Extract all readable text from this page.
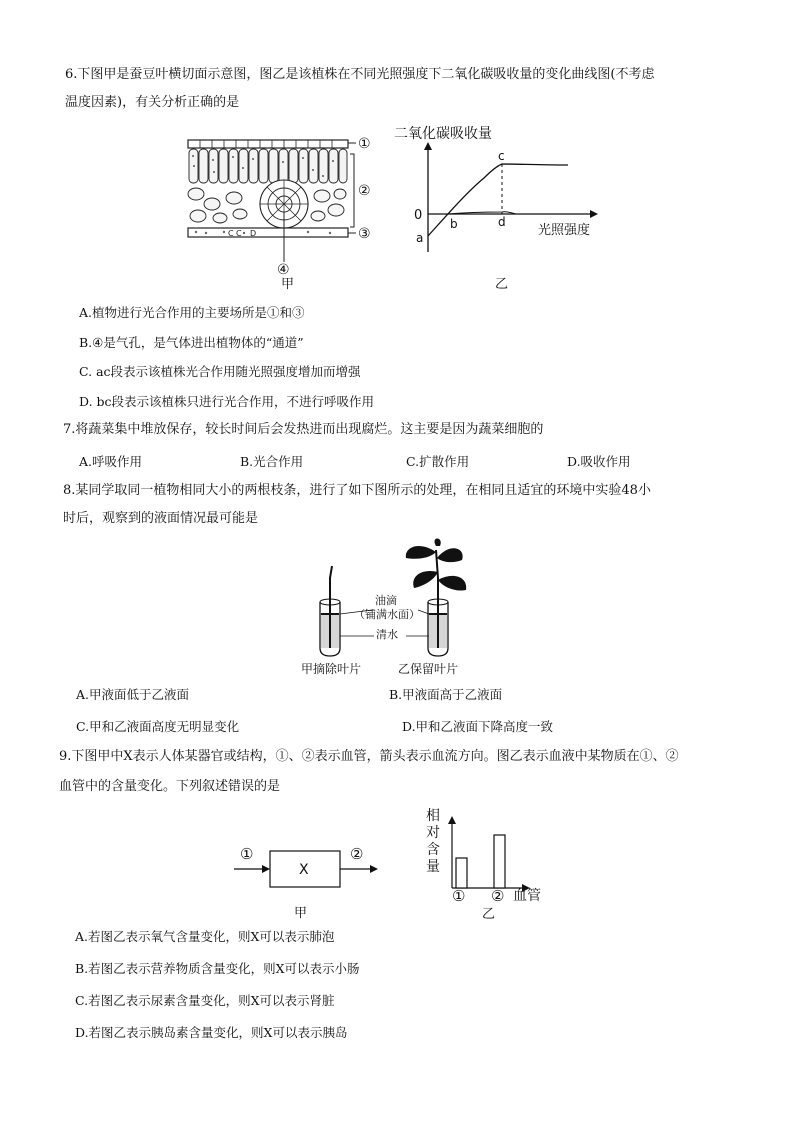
6.下图甲是蚕豆叶横切面示意图，图乙是该植株在不同光照强度下二氧化碳吸收量的变化曲线图(不考虑
温度因素)，有关分析正确的是
C C D
①
②
③
④
甲
二氧化碳吸收量
0
a
b
c
d
光照强度
乙
A.植物进行光合作用的主要场所是①和③
B.④是气孔，是气体进出植物体的“通道”
C. ac段表示该植株光合作用随光照强度增加而增强
D. bc段表示该植株只进行光合作用，不进行呼吸作用
7.将蔬菜集中堆放保存，较长时间后会发热进而出现腐烂。这主要是因为蔬菜细胞的
A.呼吸作用	B.光合作用	C.扩散作用	D.吸收作用
8.某同学取同一植物相同大小的两根枝条，进行了如下图所示的处理，在相同且适宜的环境中实验48小
时后，观察到的液面情况最可能是
油滴
（铺满水面）
清水
甲摘除叶片	乙保留叶片
A.甲液面低于乙液面	B.甲液面高于乙液面
C.甲和乙液面高度无明显变化	D.甲和乙液面下降高度一致
9.下图甲中X表示人体某器官或结构，①、②表示血管，箭头表示血流方向。图乙表示血液中某物质在①、②
血管中的含量变化。下列叙述错误的是
X
①	②
甲
相
对
含
量
① ② 血管
乙
A.若图乙表示氧气含量变化，则X可以表示肺泡
B.若图乙表示营养物质含量变化，则X可以表示小肠
C.若图乙表示尿素含量变化，则X可以表示肾脏
D.若图乙表示胰岛素含量变化，则X可以表示胰岛
